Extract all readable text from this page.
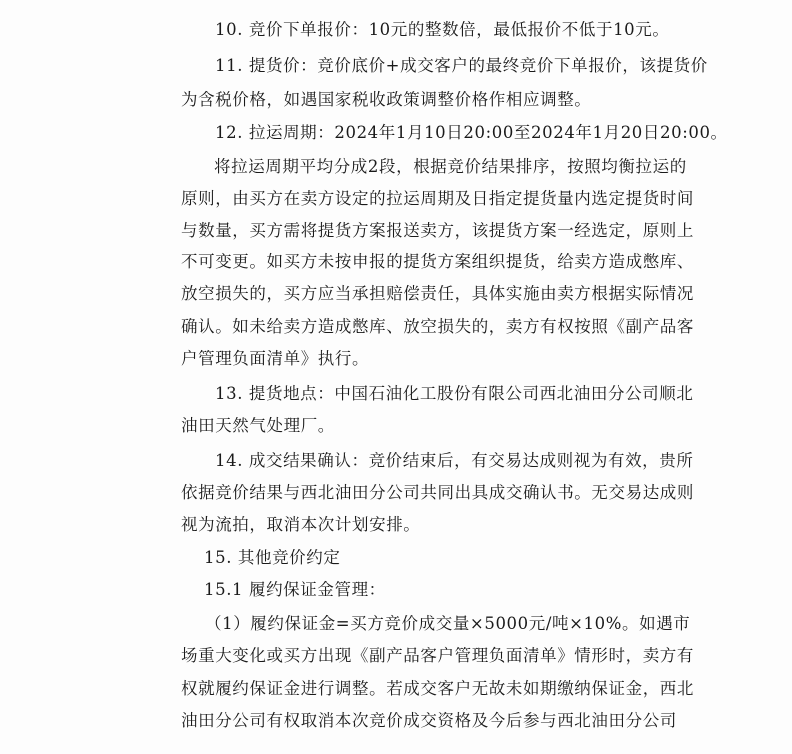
10. 竞价下单报价：10元的整数倍，最低报价不低于10元。
11. 提货价：竞价底价+成交客户的最终竞价下单报价，该提货价
为含税价格，如遇国家税收政策调整价格作相应调整。
12. 拉运周期：2024年1月10日20:00至2024年1月20日20:00。
将拉运周期平均分成2段，根据竞价结果排序，按照均衡拉运的
原则，由买方在卖方设定的拉运周期及日指定提货量内选定提货时间
与数量，买方需将提货方案报送卖方，该提货方案一经选定，原则上
不可变更。如买方未按申报的提货方案组织提货，给卖方造成憋库、
放空损失的，买方应当承担赔偿责任，具体实施由卖方根据实际情况
确认。如未给卖方造成憋库、放空损失的，卖方有权按照《副产品客
户管理负面清单》执行。
13. 提货地点：中国石油化工股份有限公司西北油田分公司顺北
油田天然气处理厂。
14. 成交结果确认：竞价结束后，有交易达成则视为有效，贵所
依据竞价结果与西北油田分公司共同出具成交确认书。无交易达成则
视为流拍，取消本次计划安排。
15. 其他竞价约定
15.1 履约保证金管理：
（1）履约保证金=买方竞价成交量×5000元/吨×10%。如遇市
场重大变化或买方出现《副产品客户管理负面清单》情形时，卖方有
权就履约保证金进行调整。若成交客户无故未如期缴纳保证金，西北
油田分公司有权取消本次竞价成交资格及今后参与西北油田分公司
